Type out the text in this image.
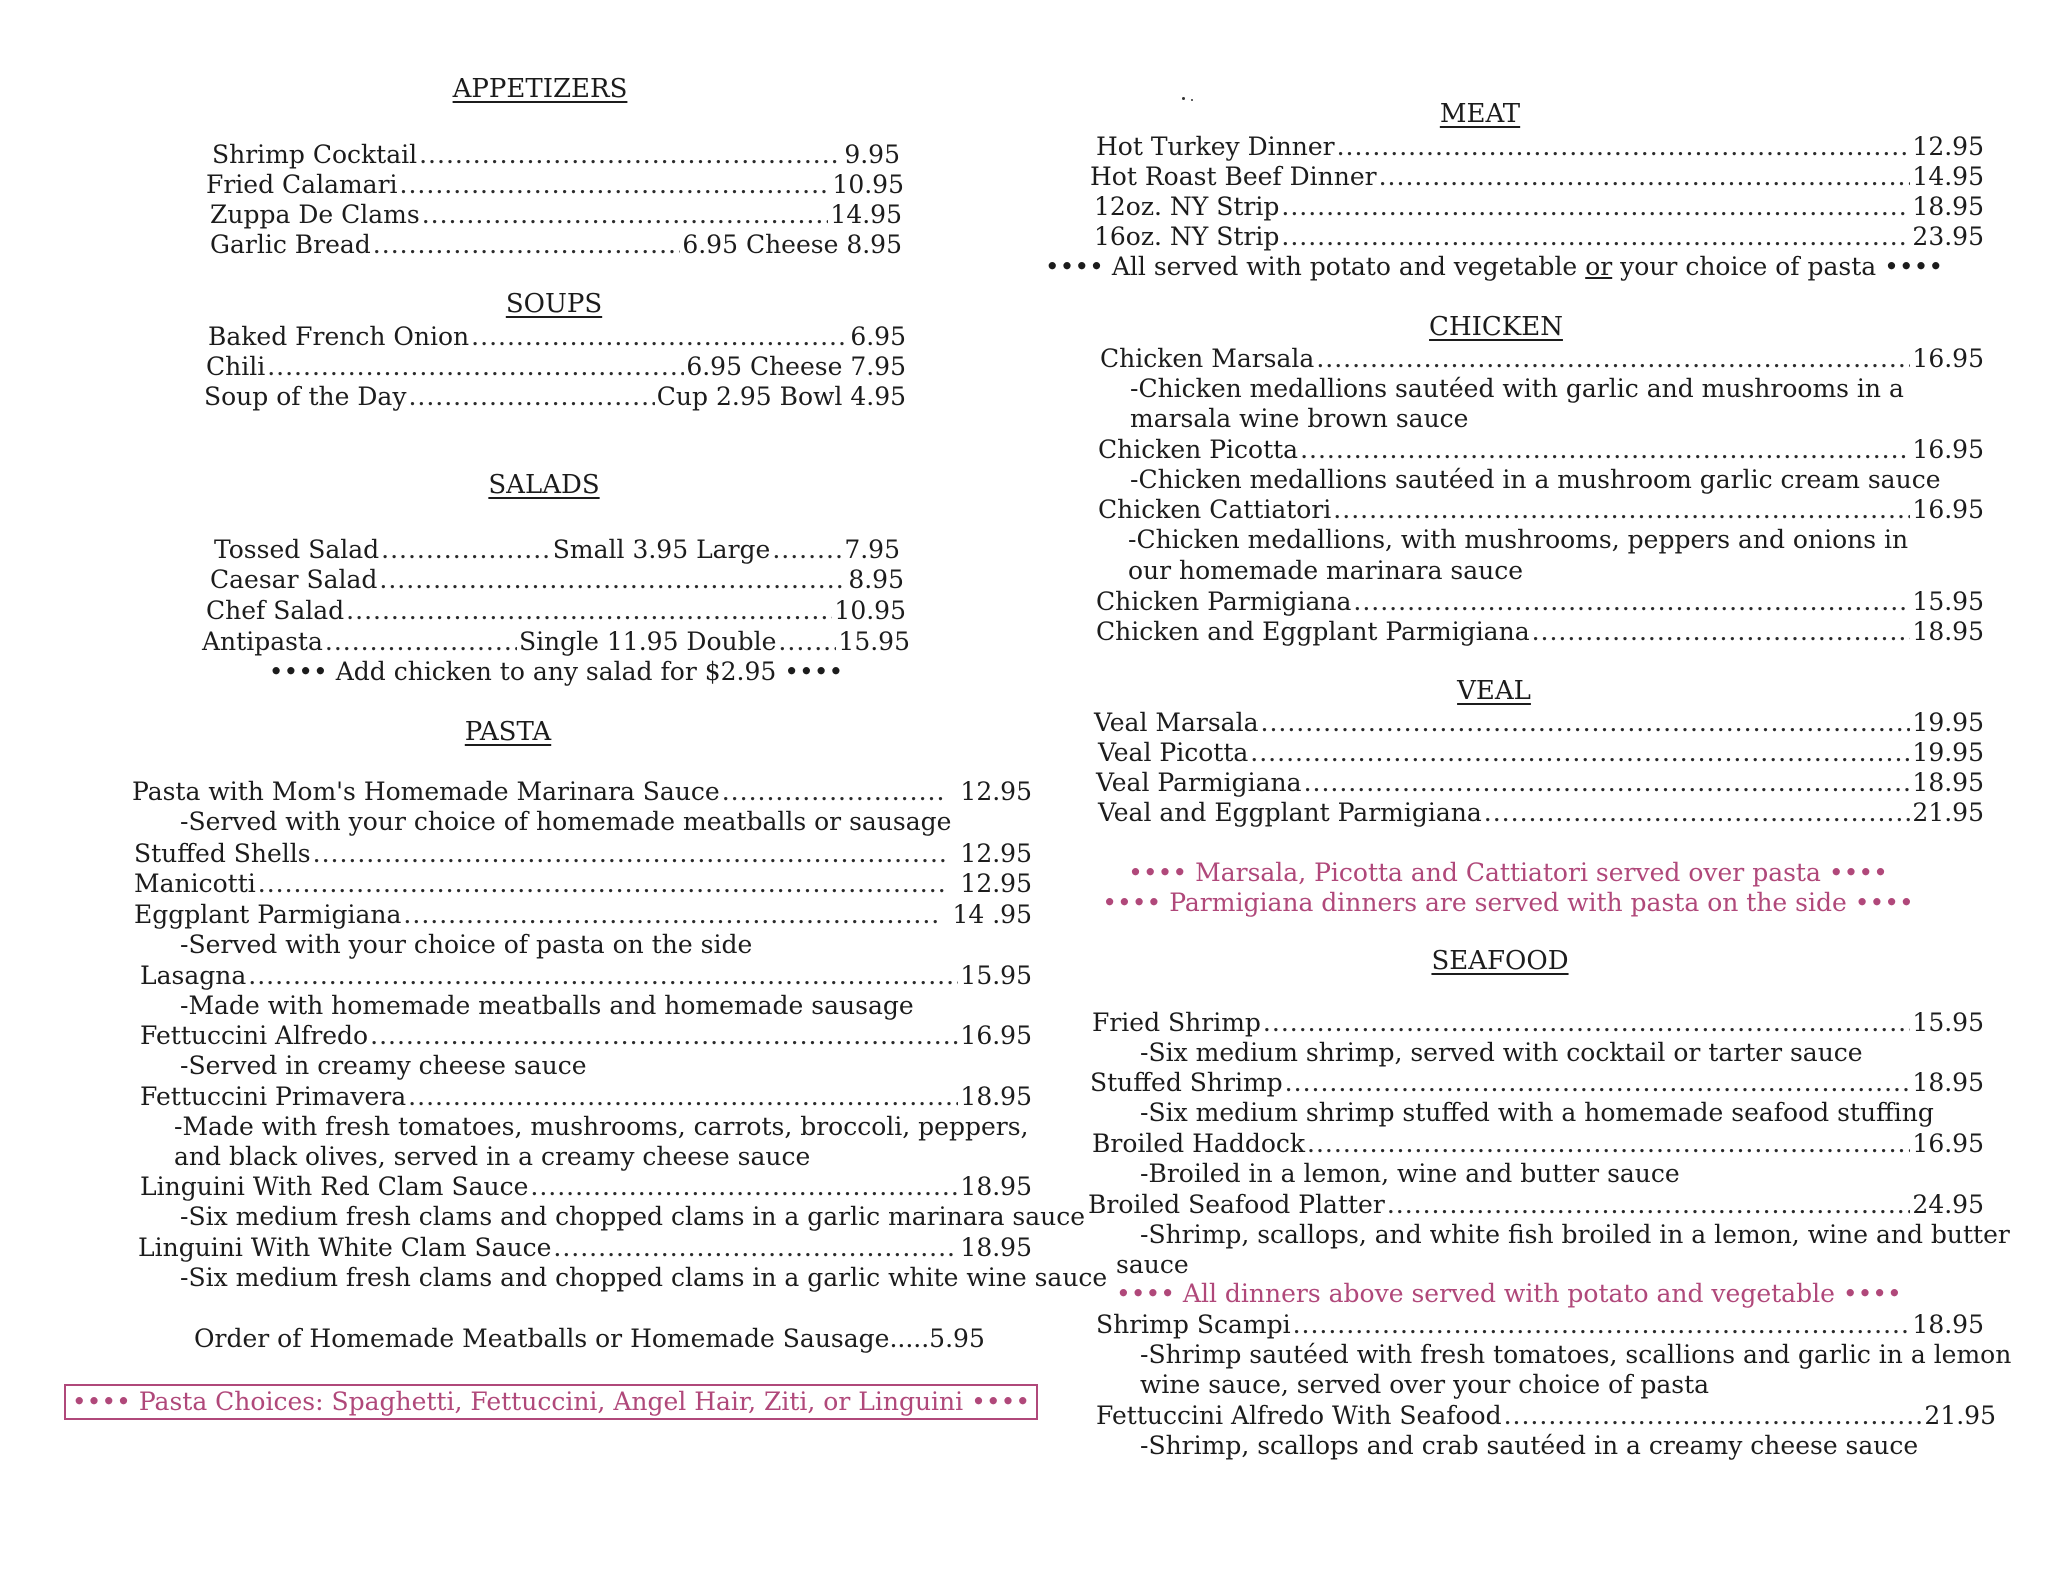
APPETIZERS
Shrimp Cocktail .....	9.95
Fried Calamari .....	10.95
Zuppa De Clams .....	14.95
Garlic Bread .....	6.95 Cheese 8.95
SOUPS
Baked French Onion .....	6.95
Chili .....	6.95 Cheese 7.95
Soup of the Day .....	Cup 2.95 Bowl 4.95
SALADS
Tossed Salad .....	Small 3.95 Large .....	7.95
Caesar Salad .....	8.95
Chef Salad .....	10.95
Antipasta .....	Single 11.95 Double ..... 15.95
•••• Add chicken to any salad for $2.95 ••••
PASTA
Pasta with Mom's Homemade Marinara Sauce .....	12.95
-Served with your choice of homemade meatballs or sausage
Stuffed Shells .....	12.95
Manicotti .....	12.95
Eggplant Parmigiana .....	14 .95
-Served with your choice of pasta on the side
Lasagna .....	15.95
-Made with homemade meatballs and homemade sausage
Fettuccini Alfredo .....	16.95
-Served in creamy cheese sauce
Fettuccini Primavera .....	18.95
-Made with fresh tomatoes, mushrooms, carrots, broccoli, peppers,
and black olives, served in a creamy cheese sauce
Linguini With Red Clam Sauce .....	18.95
-Six medium fresh clams and chopped clams in a garlic marinara sauce
Linguini With White Clam Sauce .....	18.95
-Six medium fresh clams and chopped clams in a garlic white wine sauce
Order of Homemade Meatballs or Homemade Sausage.....5.95
•••• Pasta Choices: Spaghetti, Fettuccini, Angel Hair, Ziti, or Linguini ••••
MEAT
Hot Turkey Dinner .....	12.95
Hot Roast Beef Dinner .....	14.95
12oz. NY Strip .....	18.95
16oz. NY Strip .....	23.95
•••• All served with potato and vegetable or your choice of pasta ••••
CHICKEN
Chicken Marsala .....	16.95
-Chicken medallions sautéed with garlic and mushrooms in a
marsala wine brown sauce
Chicken Picotta .....	16.95
-Chicken medallions sautéed in a mushroom garlic cream sauce
Chicken Cattiatori .....	16.95
-Chicken medallions, with mushrooms, peppers and onions in
our homemade marinara sauce
Chicken Parmigiana .....	15.95
Chicken and Eggplant Parmigiana .....	18.95
VEAL
Veal Marsala .....	19.95
Veal Picotta .....	19.95
Veal Parmigiana .....	18.95
Veal and Eggplant Parmigiana .....	21.95
•••• Marsala, Picotta and Cattiatori served over pasta ••••
•••• Parmigiana dinners are served with pasta on the side ••••
SEAFOOD
Fried Shrimp .....	15.95
-Six medium shrimp, served with cocktail or tarter sauce
Stuffed Shrimp .....	18.95
-Six medium shrimp stuffed with a homemade seafood stuffing
Broiled Haddock .....	16.95
-Broiled in a lemon, wine and butter sauce
Broiled Seafood Platter .....	24.95
-Shrimp, scallops, and white fish broiled in a lemon, wine and butter
sauce
•••• All dinners above served with potato and vegetable ••••
Shrimp Scampi .....	18.95
-Shrimp sautéed with fresh tomatoes, scallions and garlic in a lemon
wine sauce, served over your choice of pasta
Fettuccini Alfredo With Seafood .....	21.95
-Shrimp, scallops and crab sautéed in a creamy cheese sauce
